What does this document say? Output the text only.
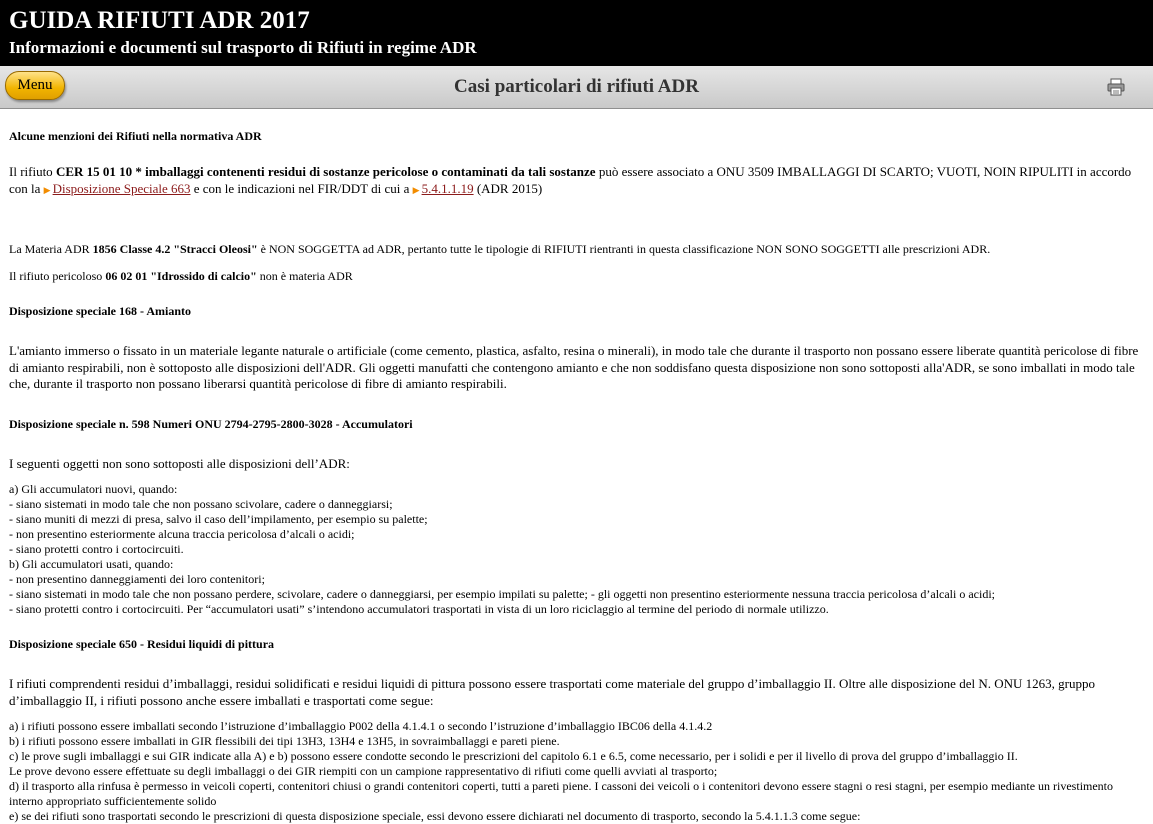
GUIDA RIFIUTI ADR 2017
Informazioni e documenti sul trasporto di Rifiuti in regime ADR
Menu	Casi particolari di rifiuti ADR

Alcune menzioni dei Rifiuti nella normativa ADR

Il rifiuto CER 15 01 10 * imballaggi contenenti residui di sostanze pericolose o contaminati da tali sostanze può essere associato a ONU 3509 IMBALLAGGI DI SCARTO; VUOTI, NOIN RIPULITI in accordo con la ▶ Disposizione Speciale 663 e con le indicazioni nel FIR/DDT di cui a ▶ 5.4.1.1.19 (ADR 2015)

La Materia ADR 1856 Classe 4.2 "Stracci Oleosi" è NON SOGGETTA ad ADR, pertanto tutte le tipologie di RIFIUTI rientranti in questa classificazione NON SONO SOGGETTI alle prescrizioni ADR.

Il rifiuto pericoloso 06 02 01 "Idrossido di calcio" non è materia ADR

Disposizione speciale 168 - Amianto

L'amianto immerso o fissato in un materiale legante naturale o artificiale (come cemento, plastica, asfalto, resina o minerali), in modo tale che durante il trasporto non possano essere liberate quantità pericolose di fibre di amianto respirabili, non è sottoposto alle disposizioni dell'ADR. Gli oggetti manufatti che contengono amianto e che non soddisfano questa disposizione non sono sottoposti alla'ADR, se sono imballati in modo tale che, durante il trasporto non possano liberarsi quantità pericolose di fibre di amianto respirabili.

Disposizione speciale n. 598 Numeri ONU 2794-2795-2800-3028 - Accumulatori

I seguenti oggetti non sono sottoposti alle disposizioni dell’ADR:

a) Gli accumulatori nuovi, quando:
- siano sistemati in modo tale che non possano scivolare, cadere o danneggiarsi;
- siano muniti di mezzi di presa, salvo il caso dell’impilamento, per esempio su palette;
- non presentino esteriormente alcuna traccia pericolosa d’alcali o acidi;
- siano protetti contro i cortocircuiti.
b) Gli accumulatori usati, quando:
- non presentino danneggiamenti dei loro contenitori;
- siano sistemati in modo tale che non possano perdere, scivolare, cadere o danneggiarsi, per esempio impilati su palette; - gli oggetti non presentino esteriormente nessuna traccia pericolosa d’alcali o acidi;
- siano protetti contro i cortocircuiti. Per “accumulatori usati” s’intendono accumulatori trasportati in vista di un loro riciclaggio al termine del periodo di normale utilizzo.

Disposizione speciale 650 - Residui liquidi di pittura

I rifiuti comprendenti residui d’imballaggi, residui solidificati e residui liquidi di pittura possono essere trasportati come materiale del gruppo d’imballaggio II. Oltre alle disposizione del N. ONU 1263, gruppo d’imballaggio II, i rifiuti possono anche essere imballati e trasportati come segue:

a) i rifiuti possono essere imballati secondo l’istruzione d’imballaggio P002 della 4.1.4.1 o secondo l’istruzione d’imballaggio IBC06 della 4.1.4.2
b) i rifiuti possono essere imballati in GIR flessibili dei tipi 13H3, 13H4 e 13H5, in sovraimballaggi e pareti piene.
c) le prove sugli imballaggi e sui GIR indicate alla A) e b) possono essere condotte secondo le prescrizioni del capitolo 6.1 e 6.5, come necessario, per i solidi e per il livello di prova del gruppo d’imballaggio II.
Le prove devono essere effettuate su degli imballaggi o dei GIR riempiti con un campione rappresentativo di rifiuti come quelli avviati al trasporto;
d) il trasporto alla rinfusa è permesso in veicoli coperti, contenitori chiusi o grandi contenitori coperti, tutti a pareti piene. I cassoni dei veicoli o i contenitori devono essere stagni o resi stagni, per esempio mediante un rivestimento interno appropriato sufficientemente solido
e) se dei rifiuti sono trasportati secondo le prescrizioni di questa disposizione speciale, essi devono essere dichiarati nel documento di trasporto, secondo la 5.4.1.1.3 come segue:
